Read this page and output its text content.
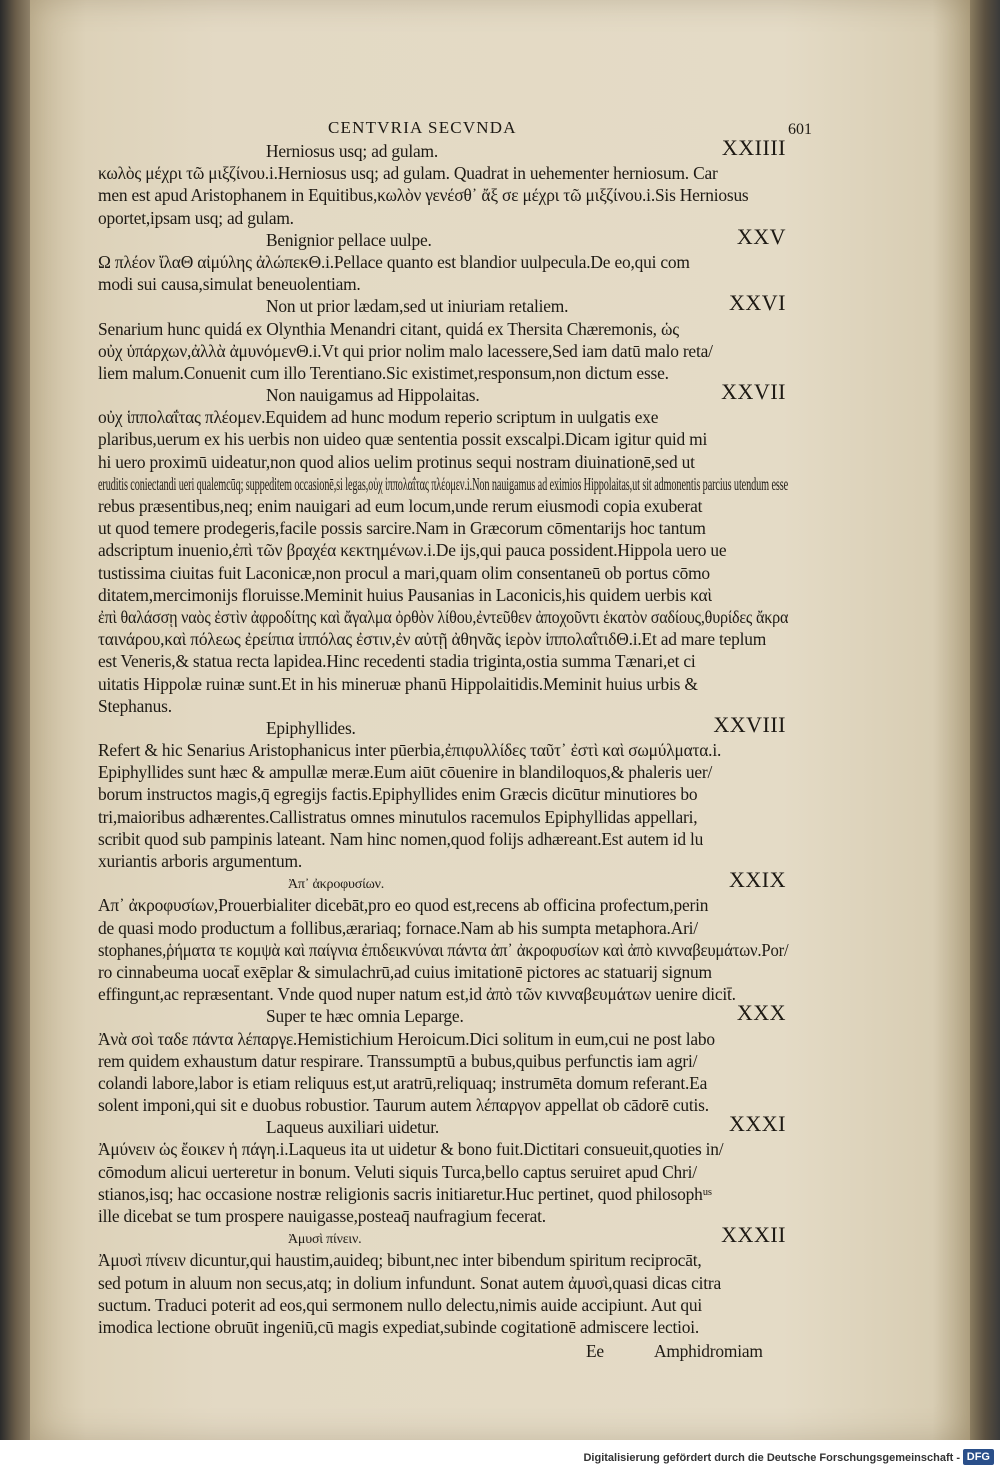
CENTVRIA SECVNDA	601
Herniosus usq; ad gulam.	XXIIII
κωλὸς μέχρι τῶ μιξζίνου.i.Herniosus usq; ad gulam. Quadrat in uehementer herniosum. Car
men est apud Aristophanem in Equitibus,κωλὸν γενέσθ᾽ ἄξ σε μέχρι τῶ μιξζίνου.i.Sis Herniosus
oportet,ipsam usq; ad gulam.
Benignior pellace uulpe.	XXV
Ω πλέον ἴλαΘ αἰμύλης ἀλώπεκΘ.i.Pellace quanto est blandior uulpecula.De eo,qui com
modi sui causa,simulat beneuolentiam.
Non ut prior lædam,sed ut iniuriam retaliem.	XXVI
Senarium hunc quidá ex Olynthia Menandri citant, quidá ex Thersita Chæremonis, ὡς
οὐχ ὑπάρχων,ἀλλὰ ἀμυνόμενΘ.i.Vt qui prior nolim malo lacessere,Sed iam datū malo reta/
liem malum.Conuenit cum illo Terentiano.Sic existimet,responsum,non dictum esse.
Non nauigamus ad Hippolaitas.	XXVII
οὐχ ἱππολαΐτας πλέομεν.Equidem ad hunc modum reperio scriptum in uulgatis exe
plaribus,uerum ex his uerbis non uideo quæ sententia possit exscalpi.Dicam igitur quid mi
hi uero proximū uideatur,non quod alios uelim protinus sequi nostram diuinationē,sed ut
eruditis coniectandi ueri qualemcūq; suppeditem occasionē,si legas,οὐχ ἱππολαΐτας πλέομεν.i.Non nauigamus ad eximios Hippolaitas,ut sit admonentis parcius utendum esse
rebus præsentibus,neq; enim nauigari ad eum locum,unde rerum eiusmodi copia exuberat
ut quod temere prodegeris,facile possis sarcire.Nam in Græcorum cōmentarijs hoc tantum
adscriptum inuenio,ἐπὶ τῶν βραχέα κεκτημένων.i.De ijs,qui pauca possident.Hippola uero ue
tustissima ciuitas fuit Laconicæ,non procul a mari,quam olim consentaneū ob portus cōmo
ditatem,mercimonijs floruisse.Meminit huius Pausanias in Laconicis,his quidem uerbis καὶ
ἐπὶ θαλάσσῃ ναὸς ἐστὶν ἀφροδίτης καὶ ἄγαλμα ὀρθὸν λίθου,ἐντεῦθεν ἀποχοῦντι ἑκατὸν σαδίους,θυρίδες ἄκρα
ταινάρου,καὶ πόλεως ἐρείπια ἱππόλας ἐστιν,ἐν αὐτῇ ἀθηνᾶς ἱερὸν ἱππολαΐτιδΘ.i.Et ad mare teplum
est Veneris,& statua recta lapidea.Hinc recedenti stadia triginta,ostia summa Tænari,et ci
uitatis Hippolæ ruinæ sunt.Et in his mineruæ phanū Hippolaitidis.Meminit huius urbis &
Stephanus.
Epiphyllides.	XXVIII
Refert & hic Senarius Aristophanicus inter pūerbia,ἐπιφυλλίδες ταῦτ᾽ ἐστὶ καὶ σωμύλματα.i.
Epiphyllides sunt hæc & ampullæ meræ.Eum aiūt cōuenire in blandiloquos,& phaleris uer/
borum instructos magis,q̄ egregijs factis.Epiphyllides enim Græcis dicūtur minutiores bo
tri,maioribus adhærentes.Callistratus omnes minutulos racemulos Epiphyllidas appellari,
scribit quod sub pampinis lateant. Nam hinc nomen,quod folijs adhæreant.Est autem id lu
xuriantis arboris argumentum.
Ἀπ᾽ ἀκροφυσίων.	XXIX
Απ᾽ ἀκροφυσίων,Prouerbialiter dicebāt,pro eo quod est,recens ab officina profectum,perin
de quasi modo productum a follibus,ærariaq; fornace.Nam ab his sumpta metaphora.Ari/
stophanes,ῥήματα τε κομψὰ καὶ παίγνια ἐπιδεικνύναι πάντα ἀπ᾽ ἀκροφυσίων καὶ ἀπὸ κινναβευμάτων.Por/
ro cinnabeuma uocat̄ exēplar & simulachrū,ad cuius imitationē pictores ac statuarij signum
effingunt,ac repræsentant. Vnde quod nuper natum est,id ἀπὸ τῶν κινναβευμάτων uenire dicit̄.
Super te hæc omnia Leparge.	XXX
Ἀνὰ σοὶ ταδε πάντα λέπαργε.Hemistichium Heroicum.Dici solitum in eum,cui ne post labo
rem quidem exhaustum datur respirare. Transsumptū a bubus,quibus perfunctis iam agri/
colandi labore,labor is etiam reliquus est,ut aratrū,reliquaq; instrumēta domum referant.Ea
solent imponi,qui sit e duobus robustior. Taurum autem λέπαργον appellat ob cādorē cutis.
Laqueus auxiliari uidetur.	XXXI
Ἀμύνειν ὡς ἔοικεν ἡ πάγη.i.Laqueus ita ut uidetur & bono fuit.Dictitari consueuit,quoties in/
cōmodum alicui uerteretur in bonum. Veluti siquis Turca,bello captus seruiret apud Chri/
stianos,isq; hac occasione nostræ religionis sacris initiaretur.Huc pertinet, quod philosophᵘˢ
ille dicebat se tum prospere nauigasse,posteaq̄ naufragium fecerat.
Ἀμυσὶ πίνειν.	XXXII
Ἀμυσὶ πίνειν dicuntur,qui haustim,auideq; bibunt,nec inter bibendum spiritum reciprocāt,
sed potum in aluum non secus,atq; in dolium infundunt. Sonat autem ἀμυσὶ,quasi dicas citra
suctum. Traduci poterit ad eos,qui sermonem nullo delectu,nimis auide accipiunt. Aut qui
imodica lectione obruūt ingeniū,cū magis expediat,subinde cogitationē admiscere lectioi.
Ee	Amphidromiam
Digitalisierung gefördert durch die Deutsche Forschungsgemeinschaft - DFG
